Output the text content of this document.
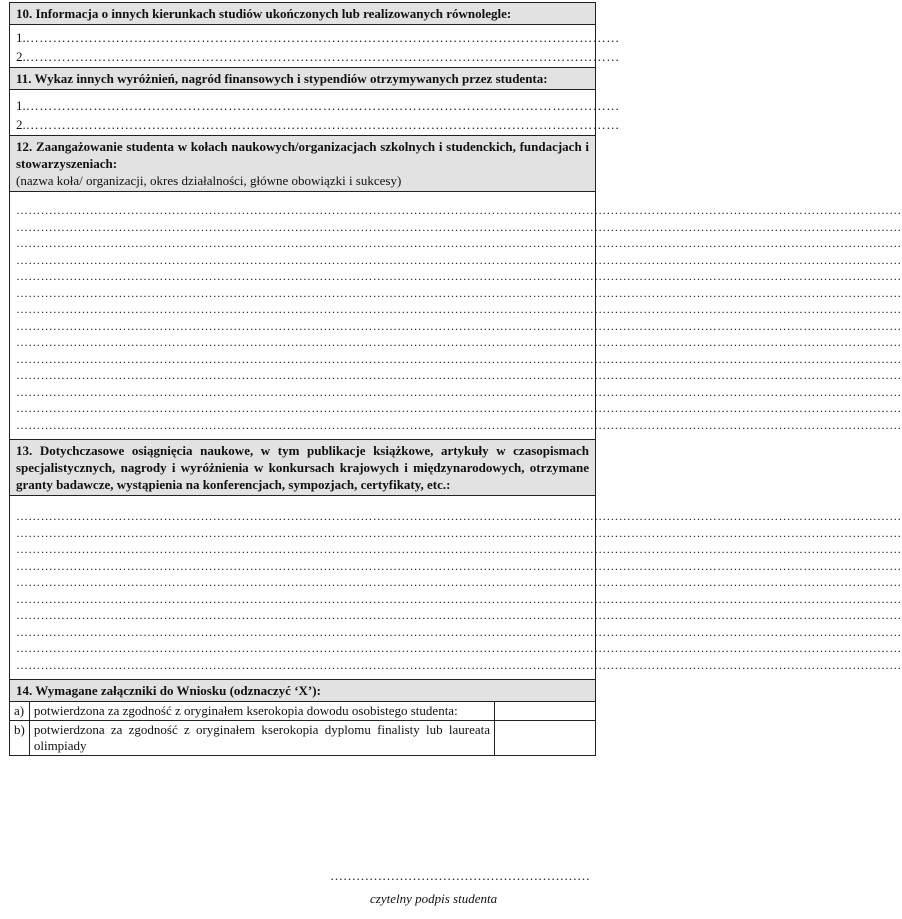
10. Informacja o innych kierunkach studiów ukończonych lub realizowanych równolegle:
1. ……………………………………………………………………………………………………………………
2. ……………………………………………………………………………………………………………………
11. Wykaz innych wyróżnień, nagród finansowych i stypendiów otrzymywanych przez studenta:
1. ……………………………………………………………………………………………………………………
2. ……………………………………………………………………………………………………………………
12. Zaangażowanie studenta w kołach naukowych/organizacjach szkolnych i studenckich, fundacjach i stowarzyszeniach:
(nazwa koła/ organizacji, okres działalności, główne obowiązki i sukcesy)
………………………………………………………………………………………………………………………………………………………………………………………………
………………………………………………………………………………………………………………………………………………………………………………………………
………………………………………………………………………………………………………………………………………………………………………………………………
………………………………………………………………………………………………………………………………………………………………………………………………
………………………………………………………………………………………………………………………………………………………………………………………………
………………………………………………………………………………………………………………………………………………………………………………………………
………………………………………………………………………………………………………………………………………………………………………………………………
………………………………………………………………………………………………………………………………………………………………………………………………
………………………………………………………………………………………………………………………………………………………………………………………………
………………………………………………………………………………………………………………………………………………………………………………………………
………………………………………………………………………………………………………………………………………………………………………………………………
………………………………………………………………………………………………………………………………………………………………………………………………
………………………………………………………………………………………………………………………………………………………………………………………………
………………………………………………………………………………………………………………………………………………………………………………………………
13. Dotychczasowe osiągnięcia naukowe, w tym publikacje książkowe, artykuły w czasopismach specjalistycznych, nagrody i wyróżnienia w konkursach krajowych i międzynarodowych, otrzymane granty badawcze, wystąpienia na konferencjach, sympozjach, certyfikaty, etc.:
………………………………………………………………………………………………………………………………………………………………………………………………
………………………………………………………………………………………………………………………………………………………………………………………………
………………………………………………………………………………………………………………………………………………………………………………………………
………………………………………………………………………………………………………………………………………………………………………………………………
………………………………………………………………………………………………………………………………………………………………………………………………
………………………………………………………………………………………………………………………………………………………………………………………………
………………………………………………………………………………………………………………………………………………………………………………………………
………………………………………………………………………………………………………………………………………………………………………………………………
………………………………………………………………………………………………………………………………………………………………………………………………
………………………………………………………………………………………………………………………………………………………………………………………………
14. Wymagane załączniki do Wniosku (odznaczyć ‘X’):
a)	potwierdzona za zgodność z oryginałem kserokopia dowodu osobistego studenta:	
b)	potwierdzona za zgodność z oryginałem kserokopia dyplomu finalisty lub laureata olimpiady	
……………………………………………………
czytelny podpis studenta
